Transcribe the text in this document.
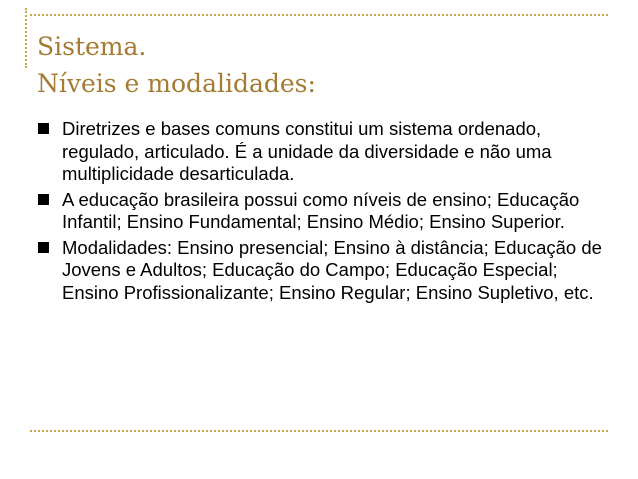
Sistema.
Níveis e modalidades:
Diretrizes e bases comuns constitui um sistema ordenado, regulado, articulado. É a unidade da diversidade e não uma multiplicidade desarticulada.
A educação brasileira possui como níveis de ensino; Educação Infantil; Ensino Fundamental; Ensino Médio; Ensino Superior.
Modalidades: Ensino presencial; Ensino à distância; Educação de Jovens e Adultos; Educação do Campo; Educação Especial; Ensino Profissionalizante; Ensino Regular; Ensino Supletivo, etc.
